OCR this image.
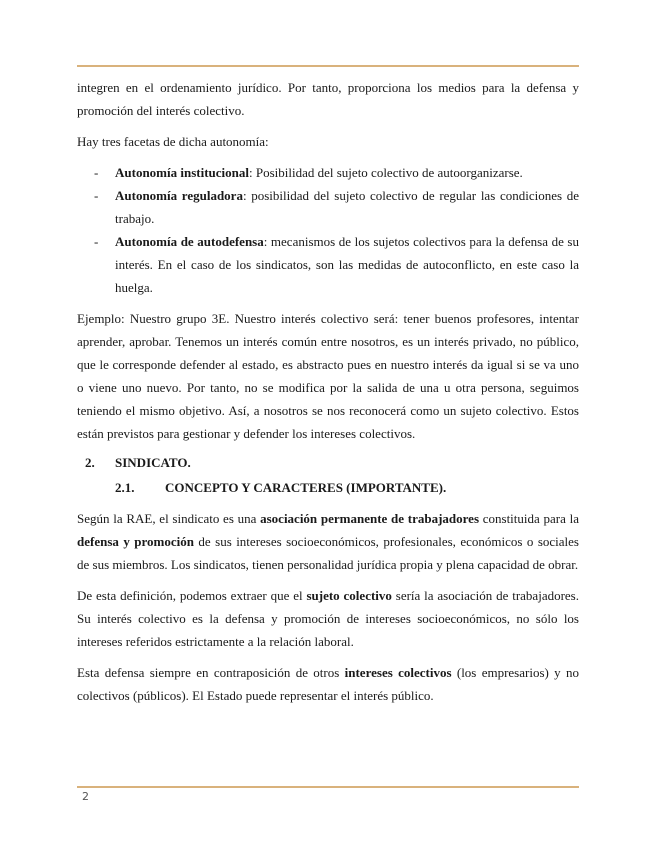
integren en el ordenamiento jurídico. Por tanto, proporciona los medios para la defensa y promoción del interés colectivo.

Hay tres facetas de dicha autonomía:

- Autonomía institucional: Posibilidad del sujeto colectivo de autoorganizarse.
- Autonomía reguladora: posibilidad del sujeto colectivo de regular las condiciones de trabajo.
- Autonomía de autodefensa: mecanismos de los sujetos colectivos para la defensa de su interés. En el caso de los sindicatos, son las medidas de autoconflicto, en este caso la huelga.

Ejemplo: Nuestro grupo 3E. Nuestro interés colectivo será: tener buenos profesores, intentar aprender, aprobar. Tenemos un interés común entre nosotros, es un interés privado, no público, que le corresponde defender al estado, es abstracto pues en nuestro interés da igual si se va uno o viene uno nuevo. Por tanto, no se modifica por la salida de una u otra persona, seguimos teniendo el mismo objetivo. Así, a nosotros se nos reconocerá como un sujeto colectivo. Estos están previstos para gestionar y defender los intereses colectivos.

2.	SINDICATO.
2.1.	CONCEPTO Y CARACTERES (IMPORTANTE).

Según la RAE, el sindicato es una asociación permanente de trabajadores constituida para la defensa y promoción de sus intereses socioeconómicos, profesionales, económicos o sociales de sus miembros. Los sindicatos, tienen personalidad jurídica propia y plena capacidad de obrar.

De esta definición, podemos extraer que el sujeto colectivo sería la asociación de trabajadores. Su interés colectivo es la defensa y promoción de intereses socioeconómicos, no sólo los intereses referidos estrictamente a la relación laboral.

Esta defensa siempre en contraposición de otros intereses colectivos (los empresarios) y no colectivos (públicos). El Estado puede representar el interés público.

2
